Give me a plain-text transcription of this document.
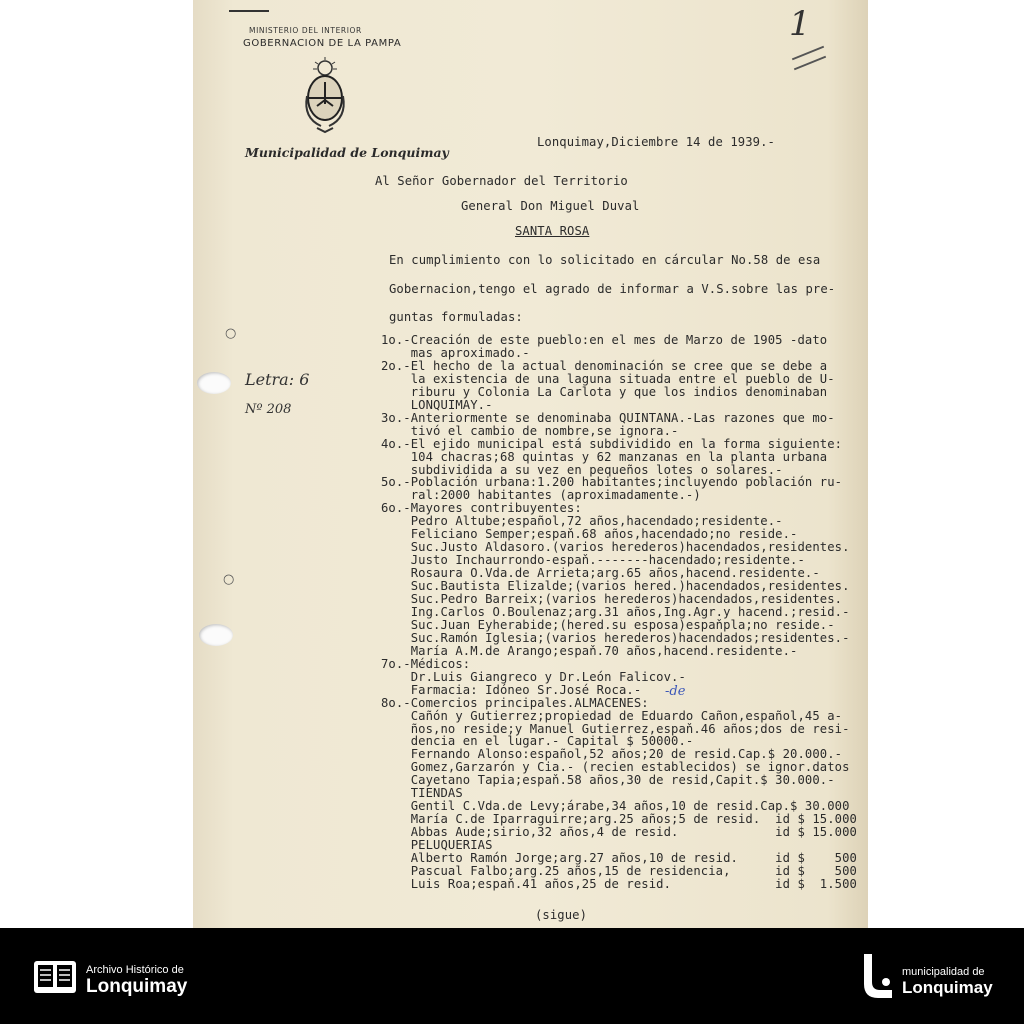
MINISTERIO DEL INTERIOR
GOBERNACION DE LA PAMPA
Municipalidad de Lonquimay
1
Lonquimay,Diciembre 14 de 1939.-
Al Señor Gobernador del Territorio
General Don Miguel Duval
SANTA ROSA
En cumplimiento con lo solicitado en cárcular No.58 de esa
Gobernacion,tengo el agrado de informar a V.S.sobre las pre-
guntas formuladas:
1o.-Creación de este pueblo:en el mes de Marzo de 1905 -dato
mas aproximado.-
2o.-El hecho de la actual denominación se cree que se debe a
la existencia de una laguna situada entre el pueblo de U-
riburu y Colonia La Carlota y que los indios denominaban
LONQUIMAY.-
3o.-Anteriormente se denominaba QUINTANA.-Las razones que mo-
tivó el cambio de nombre,se ignora.-
4o.-El ejido municipal está subdividido en la forma siguiente:
104 chacras;68 quintas y 62 manzanas en la planta urbana
subdividida a su vez en pequeños lotes o solares.-
5o.-Población urbana:1.200 habitantes;incluyendo población ru-
ral:2000 habitantes (aproximadamente.-)
6o.-Mayores contribuyentes:
Pedro Altube;español,72 años,hacendado;residente.-
Feliciano Semper;espaň.68 años,hacendado;no reside.-
Suc.Justo Aldasoro.(varios herederos)hacendados,residentes.
Justo Inchaurrondo-espaň.-------hacendado;residente.-
Rosaura O.Vda.de Arrieta;arg.65 años,hacend.residente.-
Suc.Bautista Elizalde;(varios hered.)hacendados,residentes.
Suc.Pedro Barreix;(varios herederos)hacendados,residentes.
Ing.Carlos O.Boulenaz;arg.31 años,Ing.Agr.y hacend.;resid.-
Suc.Juan Eyherabide;(hered.su esposa)espaňpla;no reside.-
Suc.Ramón Iglesia;(varios herederos)hacendados;residentes.-
María A.M.de Arango;espaň.70 años,hacend.residente.-
7o.-Médicos:
Dr.Luis Giangreco y Dr.León Falicov.-
Farmacia: Idóneo Sr.José Roca.-
8o.-Comercios principales.ALMACENES:
Cañón y Gutierrez;propiedad de Eduardo Cañon,español,45 a-
ños,no reside;y Manuel Gutierrez,espaň.46 años;dos de resi-
dencia en el lugar.- Capital $ 50000.-
Fernando Alonso:español,52 años;20 de resid.Cap.$ 20.000.-
Gomez,Garzarón y Cia.- (recien establecidos) se ignor.datos
Cayetano Tapia;espaň.58 años,30 de resid,Capit.$ 30.000.-
TIENDAS
Gentil C.Vda.de Levy;árabe,34 años,10 de resid.Cap.$ 30.000
María C.de Iparraguirre;arg.25 años;5 de resid.  id $ 15.000
Abbas Aude;sirio,32 años,4 de resid.             id $ 15.000
PELUQUERIAS
Alberto Ramón Jorge;arg.27 años,10 de resid.     id $    500
Pascual Falbo;arg.25 años,15 de residencia,      id $    500
Luis Roa;espaň.41 años,25 de resid.              id $  1.500
-de
(sigue)
Letra: 6
Nº 208
○
○
Archivo Histórico de
Lonquimay
municipalidad de
Lonquimay
